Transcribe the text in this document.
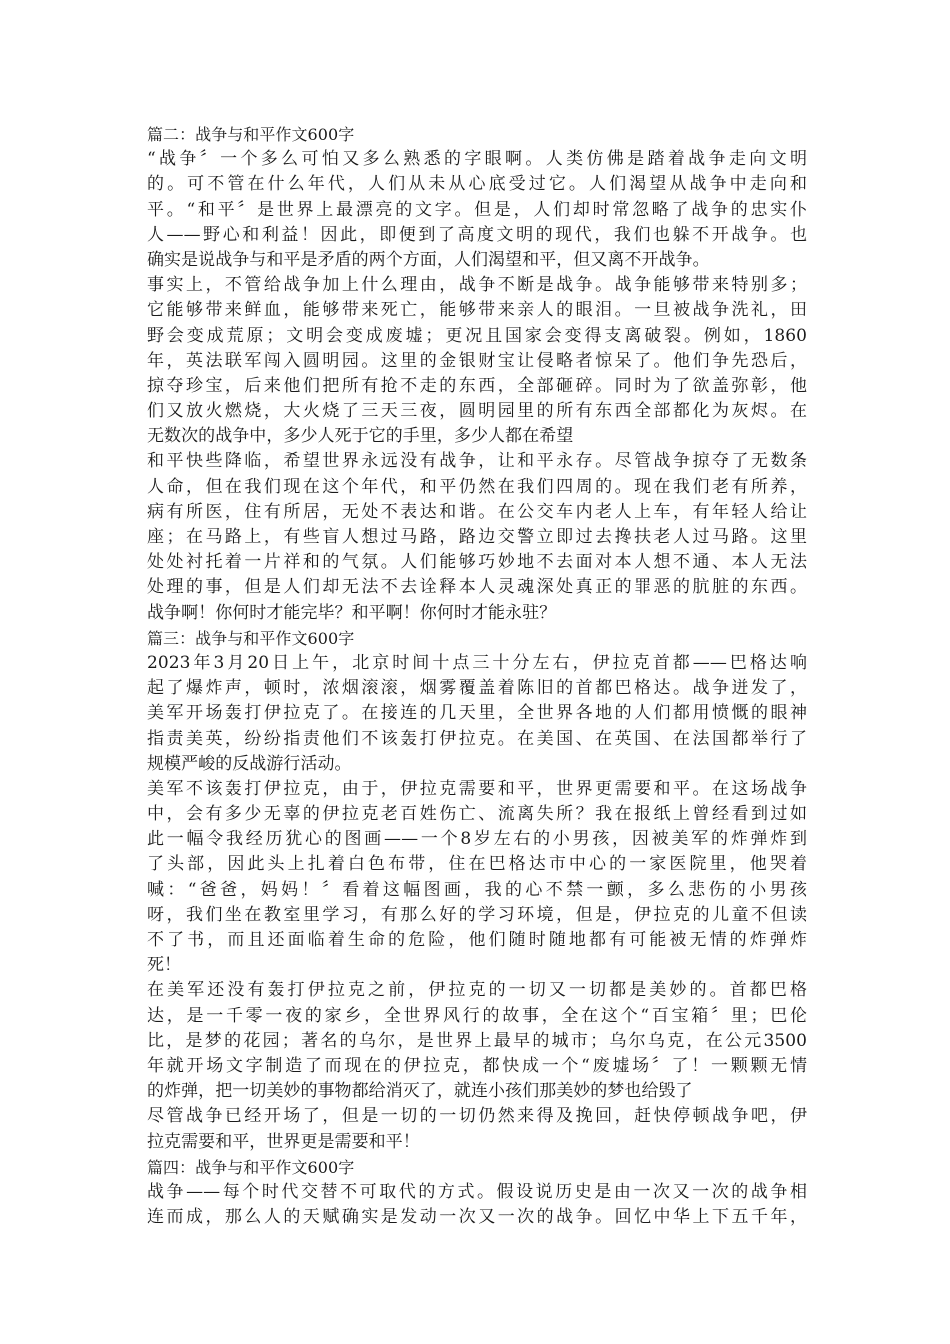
篇二：战争与和平作文600字
“战争〞一个多么可怕又多么熟悉的字眼啊。人类仿佛是踏着战争走向文明
的。可不管在什么年代，人们从未从心底受过它。人们渴望从战争中走向和
平。“和平〞是世界上最漂亮的文字。但是，人们却时常忽略了战争的忠实仆
人——野心和利益！因此，即便到了高度文明的现代，我们也躲不开战争。也
确实是说战争与和平是矛盾的两个方面，人们渴望和平，但又离不开战争。
事实上，不管给战争加上什么理由，战争不断是战争。战争能够带来特别多；
它能够带来鲜血，能够带来死亡，能够带来亲人的眼泪。一旦被战争洗礼，田
野会变成荒原；文明会变成废墟；更况且国家会变得支离破裂。例如，1860
年，英法联军闯入圆明园。这里的金银财宝让侵略者惊呆了。他们争先恐后，
掠夺珍宝，后来他们把所有抢不走的东西，全部砸碎。同时为了欲盖弥彰，他
们又放火燃烧，大火烧了三天三夜，圆明园里的所有东西全部都化为灰烬。在
无数次的战争中，多少人死于它的手里，多少人都在希望
和平快些降临，希望世界永远没有战争，让和平永存。尽管战争掠夺了无数条
人命，但在我们现在这个年代，和平仍然在我们四周的。现在我们老有所养，
病有所医，住有所居，无处不表达和谐。在公交车内老人上车，有年轻人给让
座；在马路上，有些盲人想过马路，路边交警立即过去搀扶老人过马路。这里
处处衬托着一片祥和的气氛。人们能够巧妙地不去面对本人想不通、本人无法
处理的事，但是人们却无法不去诠释本人灵魂深处真正的罪恶的肮脏的东西。
战争啊！你何时才能完毕？和平啊！你何时才能永驻？
篇三：战争与和平作文600字
2023年3月20日上午，北京时间十点三十分左右，伊拉克首都——巴格达响
起了爆炸声，顿时，浓烟滚滚，烟雾覆盖着陈旧的首都巴格达。战争迸发了，
美军开场轰打伊拉克了。在接连的几天里，全世界各地的人们都用愤慨的眼神
指责美英，纷纷指责他们不该轰打伊拉克。在美国、在英国、在法国都举行了
规模严峻的反战游行活动。
美军不该轰打伊拉克，由于，伊拉克需要和平，世界更需要和平。在这场战争
中，会有多少无辜的伊拉克老百姓伤亡、流离失所？我在报纸上曾经看到过如
此一幅令我经历犹心的图画——一个8岁左右的小男孩，因被美军的炸弹炸到
了头部，因此头上扎着白色布带，住在巴格达市中心的一家医院里，他哭着
喊：“爸爸，妈妈！〞看着这幅图画，我的心不禁一颤，多么悲伤的小男孩
呀，我们坐在教室里学习，有那么好的学习环境，但是，伊拉克的儿童不但读
不了书，而且还面临着生命的危险，他们随时随地都有可能被无情的炸弹炸
死！
在美军还没有轰打伊拉克之前，伊拉克的一切又一切都是美妙的。首都巴格
达，是一千零一夜的家乡，全世界风行的故事，全在这个“百宝箱〞里；巴伦
比，是梦的花园；著名的乌尔，是世界上最早的城市；乌尔乌克，在公元3500
年就开场文字制造了而现在的伊拉克，都快成一个“废墟场〞了！一颗颗无情
的炸弹，把一切美妙的事物都给消灭了，就连小孩们那美妙的梦也给毁了
尽管战争已经开场了，但是一切的一切仍然来得及挽回，赶快停顿战争吧，伊
拉克需要和平，世界更是需要和平！
篇四：战争与和平作文600字
战争——每个时代交替不可取代的方式。假设说历史是由一次又一次的战争相
连而成，那么人的天赋确实是发动一次又一次的战争。回忆中华上下五千年，
